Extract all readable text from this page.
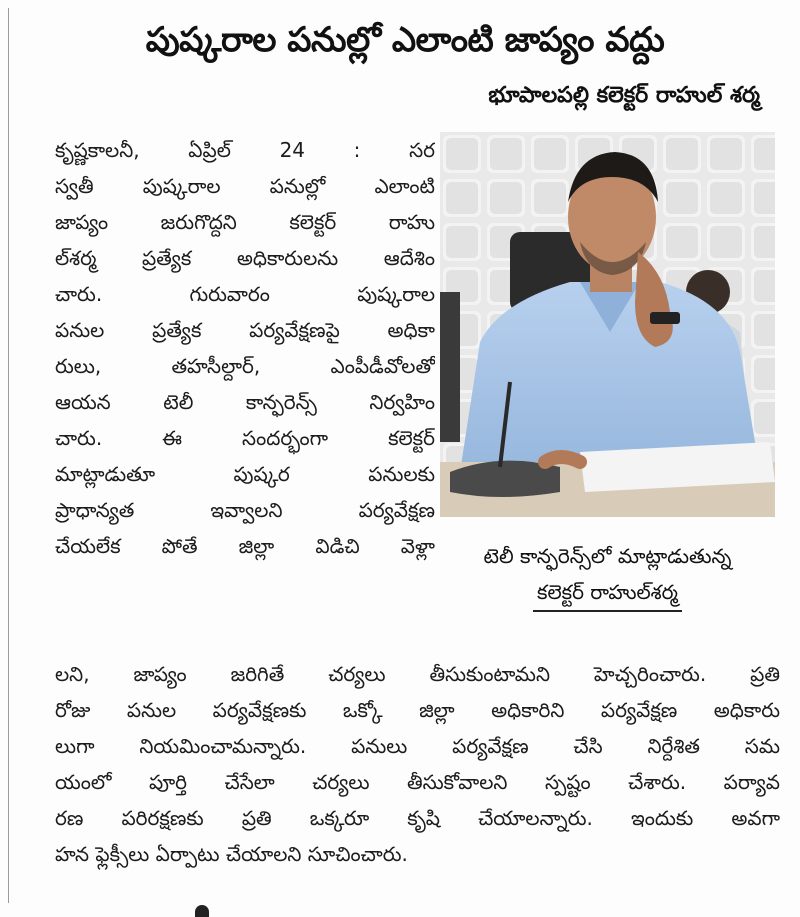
పుష్కరాల పనుల్లో ఎలాంటి జాప్యం వద్దు
భూపాలపల్లి కలెక్టర్ రాహుల్ శర్మ
కృష్ణకాలనీ, ఏప్రిల్ 24 : సర
స్వతీ పుష్కరాల పనుల్లో ఎలాంటి
జాప్యం జరుగొద్దని కలెక్టర్ రాహు
ల్‌శర్మ ప్రత్యేక అధికారులను ఆదేశిం
చారు. గురువారం పుష్కరాల
పనుల ప్రత్యేక పర్యవేక్షణపై అధికా
రులు, తహసీల్దార్, ఎంపీడీవోలతో
ఆయన టెలీ కాన్ఫరెన్స్ నిర్వహిం
చారు. ఈ సందర్భంగా కలెక్టర్
మాట్లాడుతూ పుష్కర పనులకు
ప్రాధాన్యత ఇవ్వాలని పర్యవేక్షణ
చేయలేక పోతే జిల్లా విడిచి వెళ్లా	టెలీ కాన్ఫరెన్స్‌లో మాట్లాడుతున్న
కలెక్టర్ రాహుల్‌శర్మ
లని, జాప్యం జరిగితే చర్యలు తీసుకుంటామని హెచ్చరించారు. ప్రతి
రోజు పనుల పర్యవేక్షణకు ఒక్కో జిల్లా అధికారిని పర్యవేక్షణ అధికారు
లుగా నియమించామన్నారు. పనులు పర్యవేక్షణ చేసి నిర్దేశిత సమ
యంలో పూర్తి చేసేలా చర్యలు తీసుకోవాలని స్పష్టం చేశారు. పర్యావ
రణ పరిరక్షణకు ప్రతి ఒక్కరూ కృషి చేయాలన్నారు. ఇందుకు అవగా
హన ఫ్లెక్సీలు ఏర్పాటు చేయాలని సూచించారు.
